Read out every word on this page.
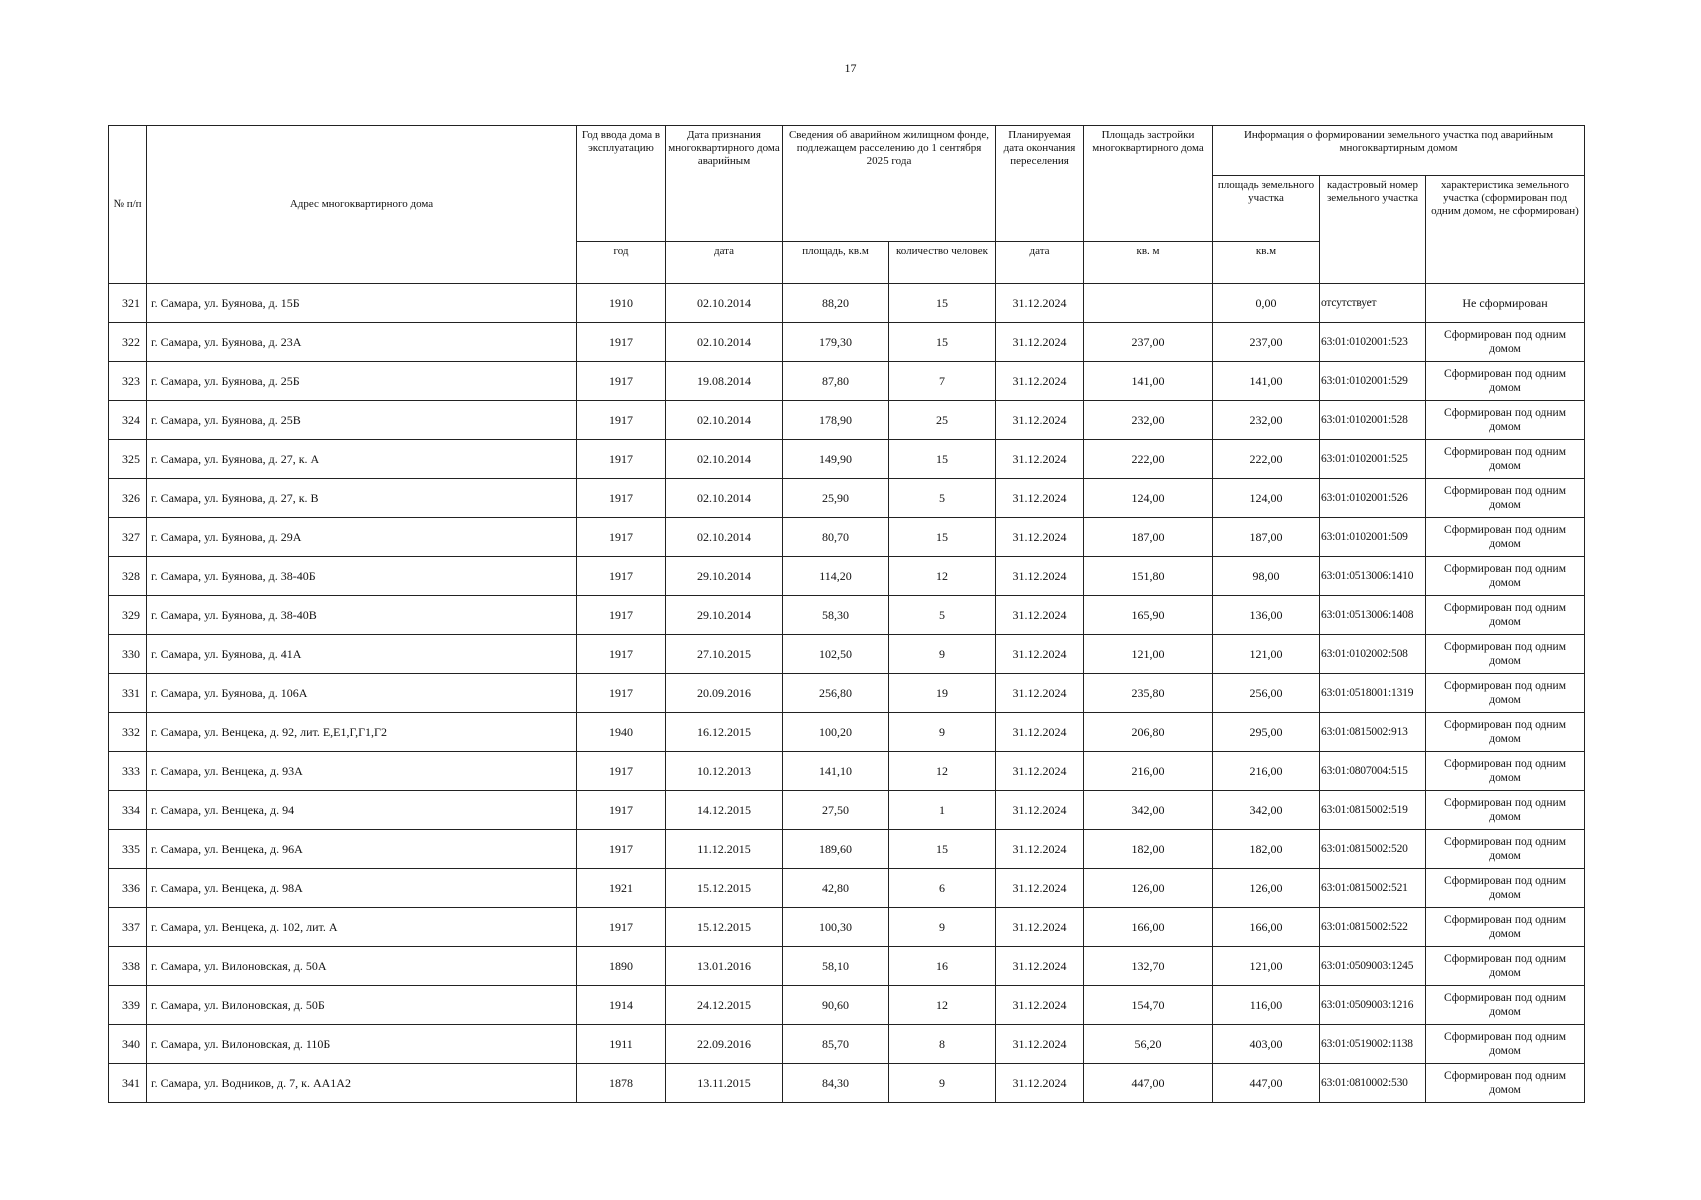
17
№ п/п	Адрес многоквартирного дома	Год ввода дома в эксплуатацию	Дата признания многоквартирного дома аварийным	Сведения об аварийном жилищном фонде, подлежащем расселению до 1 сентября 2025 года		Планируемая дата окончания переселения	Площадь застройки многоквартирного дома	Информация о формировании земельного участка под аварийным многоквартирным домом		
								площадь земельного участка	кадастровый номер земельного участка	характеристика земельного участка (сформирован под одним домом, не сформирован)
		год	дата	площадь, кв.м	количество человек	дата	кв. м	кв.м		
321	г. Самара, ул. Буянова, д. 15Б	1910	02.10.2014	88,20	15	31.12.2024		0,00	отсутствует	Не сформирован
322	г. Самара, ул. Буянова, д. 23А	1917	02.10.2014	179,30	15	31.12.2024	237,00	237,00	63:01:0102001:523	Сформирован под одним домом
323	г. Самара, ул. Буянова, д. 25Б	1917	19.08.2014	87,80	7	31.12.2024	141,00	141,00	63:01:0102001:529	Сформирован под одним домом
324	г. Самара, ул. Буянова, д. 25В	1917	02.10.2014	178,90	25	31.12.2024	232,00	232,00	63:01:0102001:528	Сформирован под одним домом
325	г. Самара, ул. Буянова, д. 27, к. А	1917	02.10.2014	149,90	15	31.12.2024	222,00	222,00	63:01:0102001:525	Сформирован под одним домом
326	г. Самара, ул. Буянова, д. 27, к. В	1917	02.10.2014	25,90	5	31.12.2024	124,00	124,00	63:01:0102001:526	Сформирован под одним домом
327	г. Самара, ул. Буянова, д. 29А	1917	02.10.2014	80,70	15	31.12.2024	187,00	187,00	63:01:0102001:509	Сформирован под одним домом
328	г. Самара, ул. Буянова, д. 38-40Б	1917	29.10.2014	114,20	12	31.12.2024	151,80	98,00	63:01:0513006:1410	Сформирован под одним домом
329	г. Самара, ул. Буянова, д. 38-40В	1917	29.10.2014	58,30	5	31.12.2024	165,90	136,00	63:01:0513006:1408	Сформирован под одним домом
330	г. Самара, ул. Буянова, д. 41А	1917	27.10.2015	102,50	9	31.12.2024	121,00	121,00	63:01:0102002:508	Сформирован под одним домом
331	г. Самара, ул. Буянова, д. 106А	1917	20.09.2016	256,80	19	31.12.2024	235,80	256,00	63:01:0518001:1319	Сформирован под одним домом
332	г. Самара, ул. Венцека, д. 92, лит. Е,Е1,Г,Г1,Г2	1940	16.12.2015	100,20	9	31.12.2024	206,80	295,00	63:01:0815002:913	Сформирован под одним домом
333	г. Самара, ул. Венцека, д. 93А	1917	10.12.2013	141,10	12	31.12.2024	216,00	216,00	63:01:0807004:515	Сформирован под одним домом
334	г. Самара, ул. Венцека, д. 94	1917	14.12.2015	27,50	1	31.12.2024	342,00	342,00	63:01:0815002:519	Сформирован под одним домом
335	г. Самара, ул. Венцека, д. 96А	1917	11.12.2015	189,60	15	31.12.2024	182,00	182,00	63:01:0815002:520	Сформирован под одним домом
336	г. Самара, ул. Венцека, д. 98А	1921	15.12.2015	42,80	6	31.12.2024	126,00	126,00	63:01:0815002:521	Сформирован под одним домом
337	г. Самара, ул. Венцека, д. 102, лит. А	1917	15.12.2015	100,30	9	31.12.2024	166,00	166,00	63:01:0815002:522	Сформирован под одним домом
338	г. Самара, ул. Вилоновская, д. 50А	1890	13.01.2016	58,10	16	31.12.2024	132,70	121,00	63:01:0509003:1245	Сформирован под одним домом
339	г. Самара, ул. Вилоновская, д. 50Б	1914	24.12.2015	90,60	12	31.12.2024	154,70	116,00	63:01:0509003:1216	Сформирован под одним домом
340	г. Самара, ул. Вилоновская, д. 110Б	1911	22.09.2016	85,70	8	31.12.2024	56,20	403,00	63:01:0519002:1138	Сформирован под одним домом
341	г. Самара, ул. Водников, д. 7, к. АА1А2	1878	13.11.2015	84,30	9	31.12.2024	447,00	447,00	63:01:0810002:530	Сформирован под одним домом
